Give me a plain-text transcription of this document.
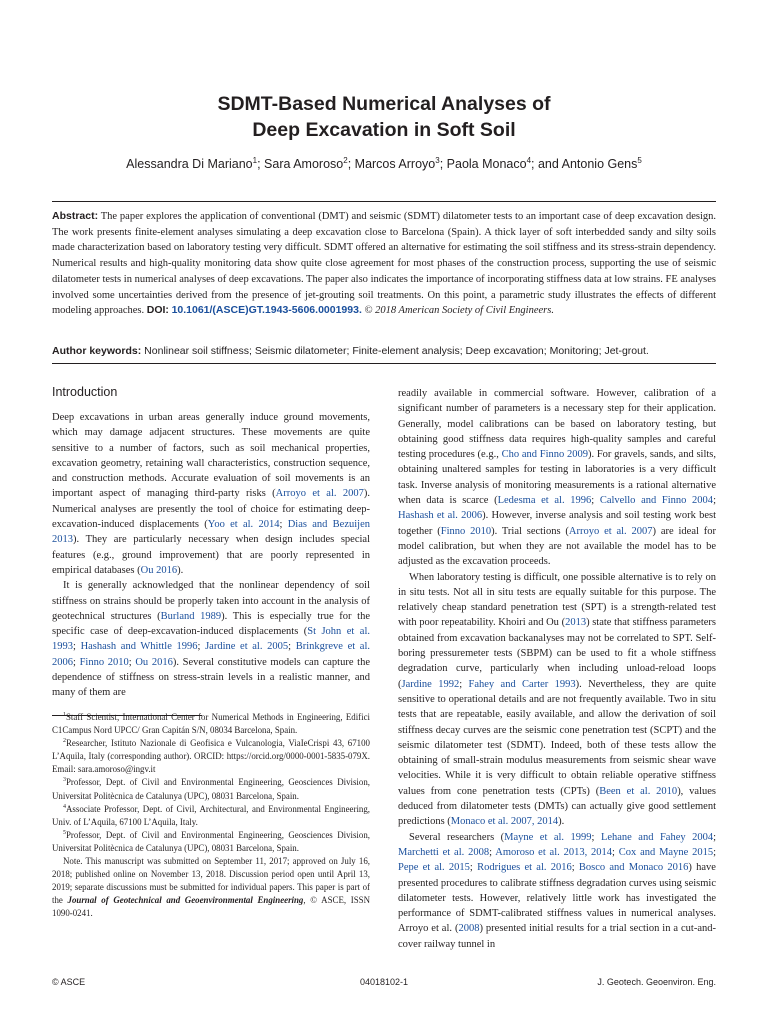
SDMT-Based Numerical Analyses of
Deep Excavation in Soft Soil
Alessandra Di Mariano$^1$; Sara Amoroso$^2$; Marcos Arroyo$^3$; Paola Monaco$^4$; and Antonio Gens$^5$
Abstract: The paper explores the application of conventional (DMT) and seismic (SDMT) dilatometer tests to an important case of deep excavation design. The work presents finite-element analyses simulating a deep excavation close to Barcelona (Spain). A thick layer of soft interbedded sandy and silty soils made characterization based on laboratory testing very difficult. SDMT offered an alternative for estimating the soil stiffness and its stress-strain dependency. Numerical results and high-quality monitoring data show quite close agreement for most phases of the construction process, supporting the use of seismic dilatometer tests in numerical analyses of deep excavations. The paper also indicates the importance of incorporating stiffness data at low strains. FE analyses involved some uncertainties derived from the presence of jet-grouting soil treatments. On this point, a parametric study illustrates the effects of different modeling approaches. DOI: 10.1061/(ASCE)GT.1943-5606.0001993. © 2018 American Society of Civil Engineers.
Author keywords: Nonlinear soil stiffness; Seismic dilatometer; Finite-element analysis; Deep excavation; Monitoring; Jet-grout.
Introduction

Deep excavations in urban areas generally induce ground movements, which may damage adjacent structures. These movements are quite sensitive to a number of factors, such as soil mechanical properties, excavation geometry, retaining wall characteristics, construction sequence, and construction methods. Accurate evaluation of soil movements is an important aspect of managing third-party risks (Arroyo et al. 2007). Numerical analyses are presently the tool of choice for estimating deep-excavation-induced displacements (Yoo et al. 2014; Dias and Bezuijen 2013). They are particularly necessary when design includes special features (e.g., ground improvement) that are poorly represented in empirical databases (Ou 2016).

It is generally acknowledged that the nonlinear dependency of soil stiffness on strains should be properly taken into account in the analysis of geotechnical structures (Burland 1989). This is especially true for the specific case of deep-excavation-induced displacements (St John et al. 1993; Hashash and Whittle 1996; Jardine et al. 2005; Brinkgreve et al. 2006; Finno 2010; Ou 2016). Several constitutive models can capture the dependence of stiffness on stress-strain levels in a realistic manner, and many of them are

$^1$Staff Scientist, International Center for Numerical Methods in Engineering, Edifici C1Campus Nord UPCC/ Gran Capitán S/N, 08034 Barcelona, Spain.

$^2$Researcher, Istituto Nazionale di Geofisica e Vulcanologia, ViaIeCrispi 43, 67100 L’Aquila, Italy (corresponding author). ORCID: https://orcid.org/0000-0001-5835-079X. Email: sara.amoroso@ingv.it

$^3$Professor, Dept. of Civil and Environmental Engineering, Geosciences Division, Universitat Politècnica de Catalunya (UPC), 08031 Barcelona, Spain.

$^4$Associate Professor, Dept. of Civil, Architectural, and Environmental Engineering, Univ. of L’Aquila, 67100 L’Aquila, Italy.

$^5$Professor, Dept. of Civil and Environmental Engineering, Geosciences Division, Universitat Politècnica de Catalunya (UPC), 08031 Barcelona, Spain.

Note. This manuscript was submitted on September 11, 2017; approved on July 16, 2018; published online on November 13, 2018. Discussion period open until April 13, 2019; separate discussions must be submitted for individual papers. This paper is part of the Journal of Geotechnical and Geoenvironmental Engineering, © ASCE, ISSN 1090-0241.

readily available in commercial software. However, calibration of a significant number of parameters is a necessary step for their application. Generally, model calibrations can be based on laboratory testing, but obtaining good stiffness data requires high-quality samples and careful testing procedures (e.g., Cho and Finno 2009). For gravels, sands, and silts, obtaining unaltered samples for testing in laboratories is a very difficult task. Inverse analysis of monitoring measurements is a rational alternative when data is scarce (Ledesma et al. 1996; Calvello and Finno 2004; Hashash et al. 2006). However, inverse analysis and soil testing work best together (Finno 2010). Trial sections (Arroyo et al. 2007) are ideal for model calibration, but when they are not available the model has to be adjusted as the excavation proceeds.

When laboratory testing is difficult, one possible alternative is to rely on in situ tests. Not all in situ tests are equally suitable for this purpose. The relatively cheap standard penetration test (SPT) is a strength-related test with poor repeatability. Khoiri and Ou (2013) state that stiffness parameters obtained from excavation backanalyses may not be correlated to SPT. Self-boring pressuremeter tests (SBPM) can be used to fit a whole stiffness degradation curve, particularly when including unload-reload loops (Jardine 1992; Fahey and Carter 1993). Nevertheless, they are quite sensitive to operational details and are not frequently available. Two in situ tests that are repeatable, easily available, and allow the derivation of soil stiffness decay curves are the seismic cone penetration test (SCPT) and the seismic dilatometer test (SDMT). Indeed, both of these tests allow the obtaining of small-strain modulus measurements from seismic shear wave velocities. While it is very difficult to obtain reliable operative stiffness values from cone penetration tests (CPTs) (Been et al. 2010), values deduced from dilatometer tests (DMTs) can actually give good settlement predictions (Monaco et al. 2007, 2014).

Several researchers (Mayne et al. 1999; Lehane and Fahey 2004; Marchetti et al. 2008; Amoroso et al. 2013, 2014; Cox and Mayne 2015; Pepe et al. 2015; Rodrigues et al. 2016; Bosco and Monaco 2016) have presented procedures to calibrate stiffness degradation curves using seismic dilatometer tests. However, relatively little work has investigated the performance of SDMT-calibrated stiffness values in numerical analyses. Arroyo et al. (2008) presented initial results for a trial section in a cut-and-cover railway tunnel in

04018102-1
© ASCE	J. Geotech. Geoenviron. Eng.
